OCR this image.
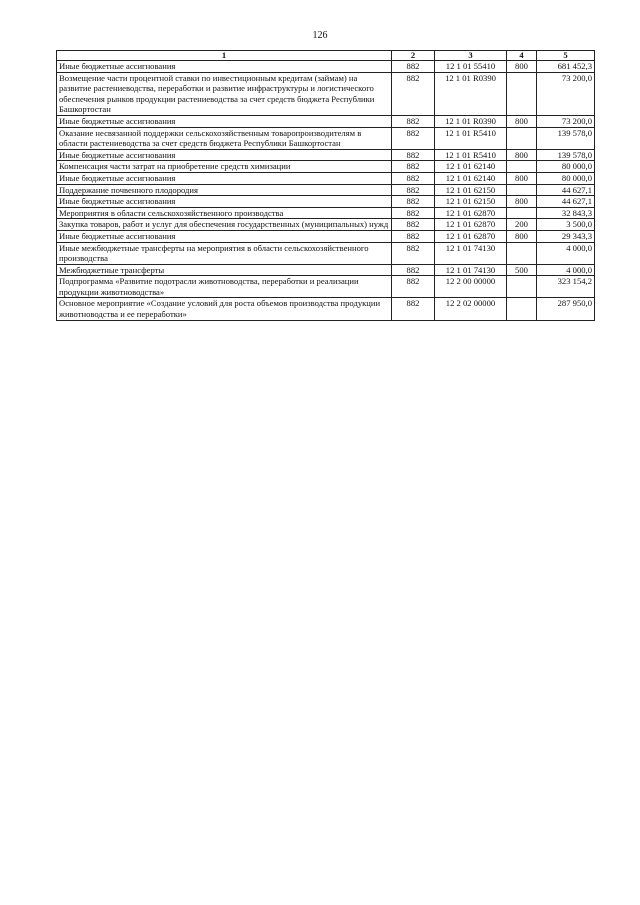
126
1	2	3	4	5
Иные бюджетные ассигнования	882	12 1 01 55410	800	681 452,3
Возмещение части процентной ставки по инвестиционным кредитам (займам) на развитие растениеводства, переработки и развитие инфраструктуры и логистического обеспечения рынков продукции растениеводства за счет средств бюджета Республики Башкортостан	882	12 1 01 R0390		73 200,0
Иные бюджетные ассигнования	882	12 1 01 R0390	800	73 200,0
Оказание несвязанной поддержки сельскохозяйственным товаропроизводителям в области растениеводства за счет средств бюджета Республики Башкортостан	882	12 1 01 R5410		139 578,0
Иные бюджетные ассигнования	882	12 1 01 R5410	800	139 578,0
Компенсация части затрат на приобретение средств химизации	882	12 1 01 62140		80 000,0
Иные бюджетные ассигнования	882	12 1 01 62140	800	80 000,0
Поддержание почвенного плодородия	882	12 1 01 62150		44 627,1
Иные бюджетные ассигнования	882	12 1 01 62150	800	44 627,1
Мероприятия в области сельскохозяйственного производства	882	12 1 01 62870		32 843,3
Закупка товаров, работ и услуг для обеспечения государственных (муниципальных) нужд	882	12 1 01 62870	200	3 500,0
Иные бюджетные ассигнования	882	12 1 01 62870	800	29 343,3
Иные межбюджетные трансферты на мероприятия в области сельскохозяйственного производства	882	12 1 01 74130		4 000,0
Межбюджетные трансферты	882	12 1 01 74130	500	4 000,0
Подпрограмма «Развитие подотрасли животноводства, переработки и реализации продукции животноводства»	882	12 2 00 00000		323 154,2
Основное мероприятие «Создание условий для роста объемов производства продукции животноводства и ее переработки»	882	12 2 02 00000		287 950,0
